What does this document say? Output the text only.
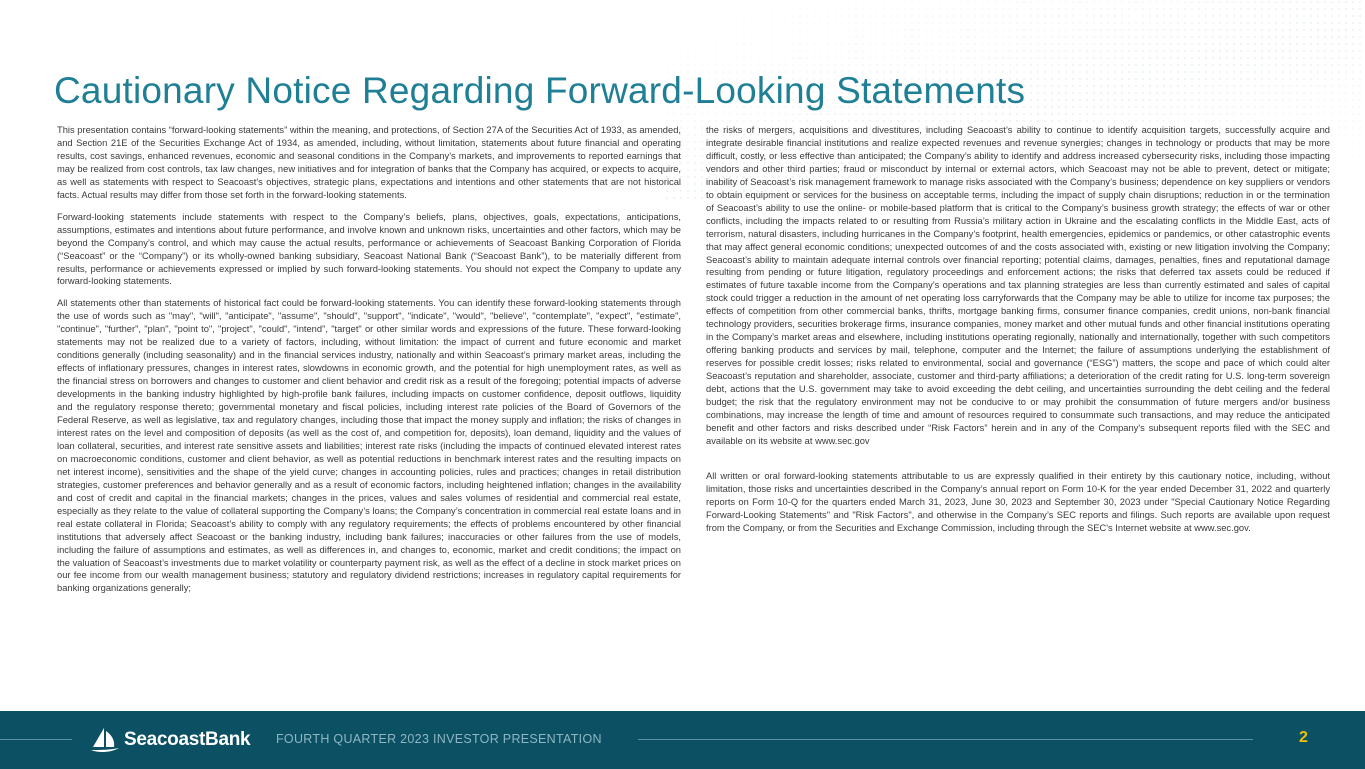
Cautionary Notice Regarding Forward-Looking Statements

This presentation contains “forward-looking statements” within the meaning, and protections, of Section 27A of the Securities Act of 1933, as amended, and Section 21E of the Securities Exchange Act of 1934, as amended, including, without limitation, statements about future financial and operating results, cost savings, enhanced revenues, economic and seasonal conditions in the Company’s markets, and improvements to reported earnings that may be realized from cost controls, tax law changes, new initiatives and for integration of banks that the Company has acquired, or expects to acquire, as well as statements with respect to Seacoast's objectives, strategic plans, expectations and intentions and other statements that are not historical facts. Actual results may differ from those set forth in the forward-looking statements.

Forward-looking statements include statements with respect to the Company’s beliefs, plans, objectives, goals, expectations, anticipations, assumptions, estimates and intentions about future performance, and involve known and unknown risks, uncertainties and other factors, which may be beyond the Company’s control, and which may cause the actual results, performance or achievements of Seacoast Banking Corporation of Florida (“Seacoast” or the “Company”) or its wholly-owned banking subsidiary, Seacoast National Bank (“Seacoast Bank”), to be materially different from results, performance or achievements expressed or implied by such forward-looking statements. You should not expect the Company to update any forward-looking statements.

All statements other than statements of historical fact could be forward-looking statements. You can identify these forward-looking statements through the use of words such as "may", "will", "anticipate", "assume", "should", "support", "indicate", "would", "believe", "contemplate", "expect", "estimate", "continue", "further", "plan", "point to", "project", "could", "intend", "target" or other similar words and expressions of the future. These forward-looking statements may not be realized due to a variety of factors, including, without limitation: the impact of current and future economic and market conditions generally (including seasonality) and in the financial services industry, nationally and within Seacoast’s primary market areas, including the effects of inflationary pressures, changes in interest rates, slowdowns in economic growth, and the potential for high unemployment rates, as well as the financial stress on borrowers and changes to customer and client behavior and credit risk as a result of the foregoing; potential impacts of adverse developments in the banking industry highlighted by high-profile bank failures, including impacts on customer confidence, deposit outflows, liquidity and the regulatory response thereto; governmental monetary and fiscal policies, including interest rate policies of the Board of Governors of the Federal Reserve, as well as legislative, tax and regulatory changes, including those that impact the money supply and inflation; the risks of changes in interest rates on the level and composition of deposits (as well as the cost of, and competition for, deposits), loan demand, liquidity and the values of loan collateral, securities, and interest rate sensitive assets and liabilities; interest rate risks (including the impacts of continued elevated interest rates on macroeconomic conditions, customer and client behavior, as well as potential reductions in benchmark interest rates and the resulting impacts on net interest income), sensitivities and the shape of the yield curve; changes in accounting policies, rules and practices; changes in retail distribution strategies, customer preferences and behavior generally and as a result of economic factors, including heightened inflation; changes in the availability and cost of credit and capital in the financial markets; changes in the prices, values and sales volumes of residential and commercial real estate, especially as they relate to the value of collateral supporting the Company’s loans; the Company’s concentration in commercial real estate loans and in real estate collateral in Florida; Seacoast’s ability to comply with any regulatory requirements; the effects of problems encountered by other financial institutions that adversely affect Seacoast or the banking industry, including bank failures; inaccuracies or other failures from the use of models, including the failure of assumptions and estimates, as well as differences in, and changes to, economic, market and credit conditions; the impact on the valuation of Seacoast’s investments due to market volatility or counterparty payment risk, as well as the effect of a decline in stock market prices on our fee income from our wealth management business; statutory and regulatory dividend restrictions; increases in regulatory capital requirements for banking organizations generally;

the risks of mergers, acquisitions and divestitures, including Seacoast’s ability to continue to identify acquisition targets, successfully acquire and integrate desirable financial institutions and realize expected revenues and revenue synergies; changes in technology or products that may be more difficult, costly, or less effective than anticipated; the Company’s ability to identify and address increased cybersecurity risks, including those impacting vendors and other third parties; fraud or misconduct by internal or external actors, which Seacoast may not be able to prevent, detect or mitigate; inability of Seacoast’s risk management framework to manage risks associated with the Company’s business; dependence on key suppliers or vendors to obtain equipment or services for the business on acceptable terms, including the impact of supply chain disruptions; reduction in or the termination of Seacoast’s ability to use the online- or mobile-based platform that is critical to the Company’s business growth strategy; the effects of war or other conflicts, including the impacts related to or resulting from Russia’s military action in Ukraine and the escalating conflicts in the Middle East, acts of terrorism, natural disasters, including hurricanes in the Company’s footprint, health emergencies, epidemics or pandemics, or other catastrophic events that may affect general economic conditions; unexpected outcomes of and the costs associated with, existing or new litigation involving the Company; Seacoast’s ability to maintain adequate internal controls over financial reporting; potential claims, damages, penalties, fines and reputational damage resulting from pending or future litigation, regulatory proceedings and enforcement actions; the risks that deferred tax assets could be reduced if estimates of future taxable income from the Company’s operations and tax planning strategies are less than currently estimated and sales of capital stock could trigger a reduction in the amount of net operating loss carryforwards that the Company may be able to utilize for income tax purposes; the effects of competition from other commercial banks, thrifts, mortgage banking firms, consumer finance companies, credit unions, non-bank financial technology providers, securities brokerage firms, insurance companies, money market and other mutual funds and other financial institutions operating in the Company’s market areas and elsewhere, including institutions operating regionally, nationally and internationally, together with such competitors offering banking products and services by mail, telephone, computer and the Internet; the failure of assumptions underlying the establishment of reserves for possible credit losses; risks related to environmental, social and governance (“ESG”) matters, the scope and pace of which could alter Seacoast’s reputation and shareholder, associate, customer and third-party affiliations; a deterioration of the credit rating for U.S. long-term sovereign debt, actions that the U.S. government may take to avoid exceeding the debt ceiling, and uncertainties surrounding the debt ceiling and the federal budget; the risk that the regulatory environment may not be conducive to or may prohibit the consummation of future mergers and/or business combinations, may increase the length of time and amount of resources required to consummate such transactions, and may reduce the anticipated benefit and other factors and risks described under “Risk Factors” herein and in any of the Company's subsequent reports filed with the SEC and available on its website at www.sec.gov

All written or oral forward-looking statements attributable to us are expressly qualified in their entirety by this cautionary notice, including, without limitation, those risks and uncertainties described in the Company’s annual report on Form 10-K for the year ended December 31, 2022 and quarterly reports on Form 10-Q for the quarters ended March 31, 2023, June 30, 2023 and September 30, 2023 under "Special Cautionary Notice Regarding Forward-Looking Statements" and "Risk Factors", and otherwise in the Company’s SEC reports and filings. Such reports are available upon request from the Company, or from the Securities and Exchange Commission, including through the SEC's Internet website at www.sec.gov.

SeacoastBank FOURTH QUARTER 2023 INVESTOR PRESENTATION	2
